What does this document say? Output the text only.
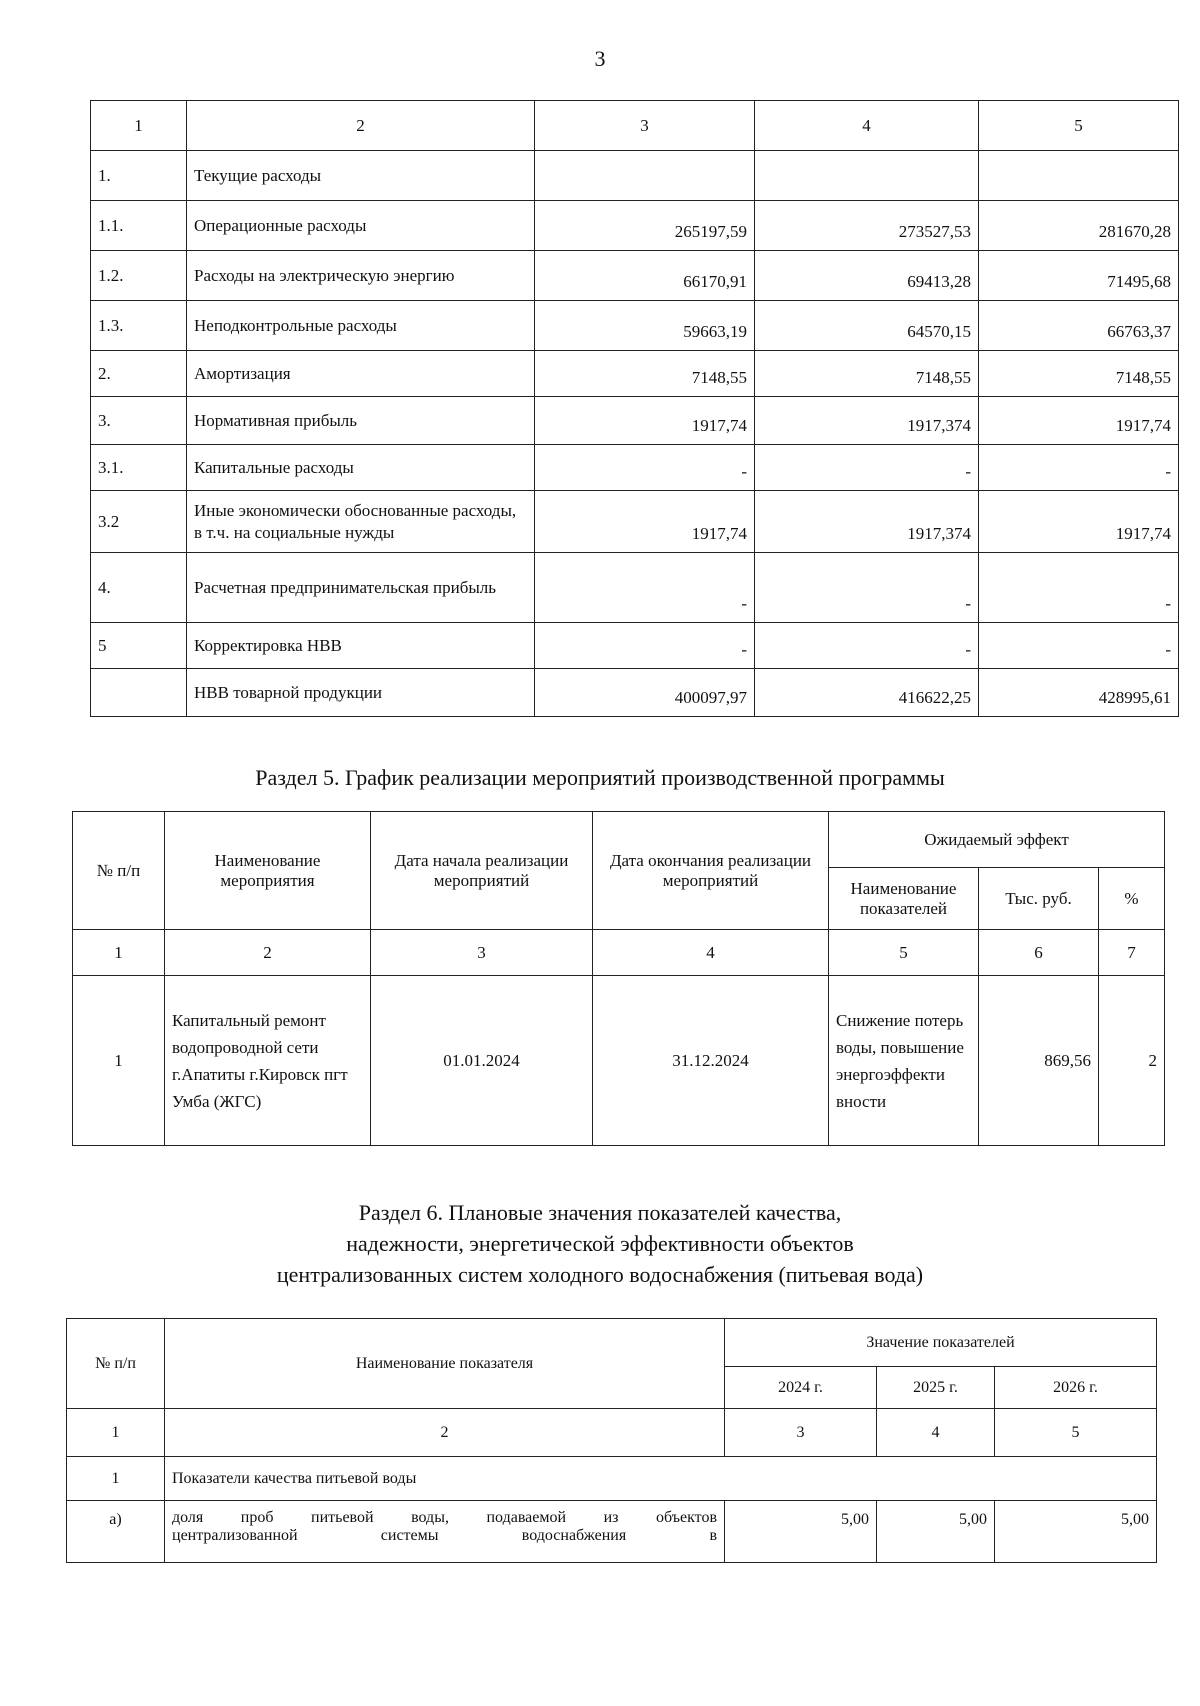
3
1	2	3	4	5
1.	Текущие расходы			
1.1.	Операционные расходы	265197,59	273527,53	281670,28
1.2.	Расходы на электрическую энергию	66170,91	69413,28	71495,68
1.3.	Неподконтрольные расходы	59663,19	64570,15	66763,37
2.	Амортизация	7148,55	7148,55	7148,55
3.	Нормативная прибыль	1917,74	1917,374	1917,74
3.1.	Капитальные расходы	-	-	-
3.2	Иные экономически обоснованные расходы, в т.ч. на социальные нужды	1917,74	1917,374	1917,74
4.	Расчетная предпринимательская прибыль	-	-	-
5	Корректировка НВВ	-	-	-
	НВВ товарной продукции	400097,97	416622,25	428995,61
Раздел 5. График реализации мероприятий производственной программы
№ п/п	Наименование мероприятия	Дата начала реализации мероприятий	Дата окончания реализации мероприятий	Ожидаемый эффект		
				Наименование показателей	Тыс. руб.	%
1	2	3	4	5	6	7
1	Капитальный ремонт водопроводной сети г.Апатиты г.Кировск пгт Умба (ЖГС)	01.01.2024	31.12.2024	Снижение потерь воды, повышение энергоэффекти вности	869,56	2
Раздел 6. Плановые значения показателей качества,
надежности, энергетической эффективности объектов
централизованных систем холодного водоснабжения (питьевая вода)
№ п/п	Наименование показателя	Значение показателей		
		2024 г.	2025 г.	2026 г.
1	2	3	4	5
1	Показатели качества питьевой воды			
а)	доля проб питьевой воды, подаваемой из объектов
централизованной системы водоснабжения в	5,00	5,00	5,00
